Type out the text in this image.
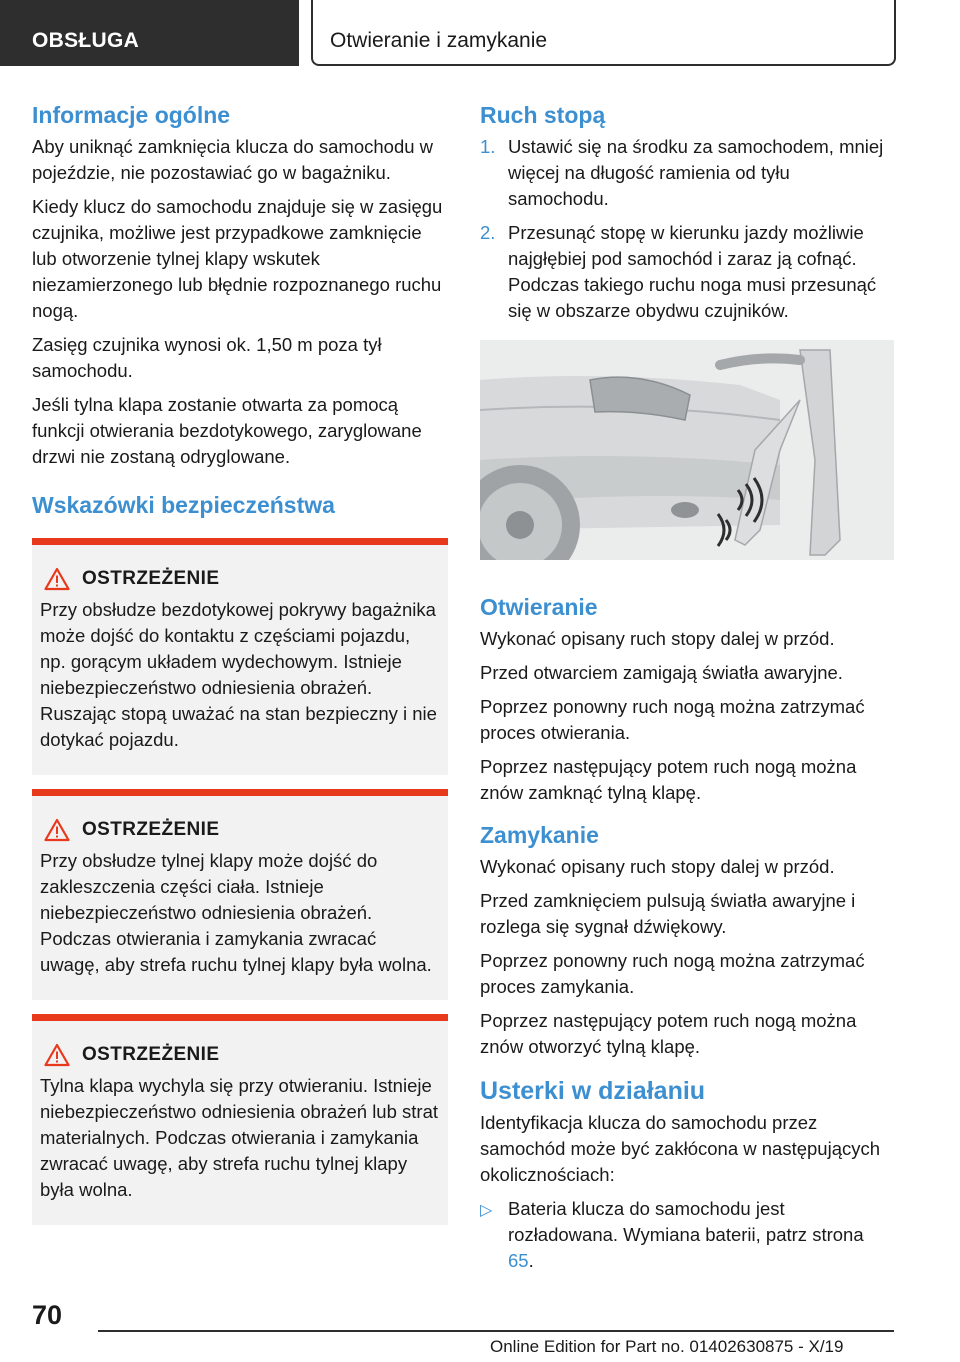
OBSŁUGA	Otwieranie i zamykanie
Informacje ogólne

Aby uniknąć zamknięcia klucza do samochodu w pojeździe, nie pozostawiać go w bagażniku.

Kiedy klucz do samochodu znajduje się w zasięgu czujnika, możliwe jest przypadkowe zamknięcie lub otworzenie tylnej klapy wskutek niezamierzonego lub błędnie rozpoznanego ruchu nogą.

Zasięg czujnika wynosi ok. 1,50 m poza tył samochodu.

Jeśli tylna klapa zostanie otwarta za pomocą funkcji otwierania bezdotykowego, zaryglowane drzwi nie zostaną odryglowane.

Wskazówki bezpieczeństwa
OSTRZEŻENIE

Przy obsłudze bezdotykowej pokrywy bagażnika może dojść do kontaktu z częściami pojazdu, np. gorącym układem wydechowym. Istnieje niebezpieczeństwo odniesienia obrażeń. Ruszając stopą uważać na stan bezpieczny i nie dotykać pojazdu.

OSTRZEŻENIE

Przy obsłudze tylnej klapy może dojść do zakleszczenia części ciała. Istnieje niebezpieczeństwo odniesienia obrażeń. Podczas otwierania i zamykania zwracać uwagę, aby strefa ruchu tylnej klapy była wolna.

OSTRZEŻENIE

Tylna klapa wychyla się przy otwieraniu. Istnieje niebezpieczeństwo odniesienia obrażeń lub strat materialnych. Podczas otwierania i zamykania zwracać uwagę, aby strefa ruchu tylnej klapy była wolna.

Ruch stopą
1. Ustawić się na środku za samochodem, mniej więcej na długość ramienia od tyłu samochodu.
2. Przesunąć stopę w kierunku jazdy możliwie najgłębiej pod samochód i zaraz ją cofnąć. Podczas takiego ruchu noga musi przesunąć się w obszarze obydwu czujników.
Otwieranie

Wykonać opisany ruch stopy dalej w przód.

Przed otwarciem zamigają światła awaryjne.

Poprzez ponowny ruch nogą można zatrzymać proces otwierania.

Poprzez następujący potem ruch nogą można znów zamknąć tylną klapę.

Zamykanie

Wykonać opisany ruch stopy dalej w przód.

Przed zamknięciem pulsują światła awaryjne i rozlega się sygnał dźwiękowy.

Poprzez ponowny ruch nogą można zatrzymać proces zamykania.

Poprzez następujący potem ruch nogą można znów otworzyć tylną klapę.

Usterki w działaniu

Identyfikacja klucza do samochodu przez samochód może być zakłócona w następujących okolicznościach:

▷ Bateria klucza do samochodu jest rozładowana. Wymiana baterii, patrz strona 65.
70
Online Edition for Part no. 01402630875 - X/19
